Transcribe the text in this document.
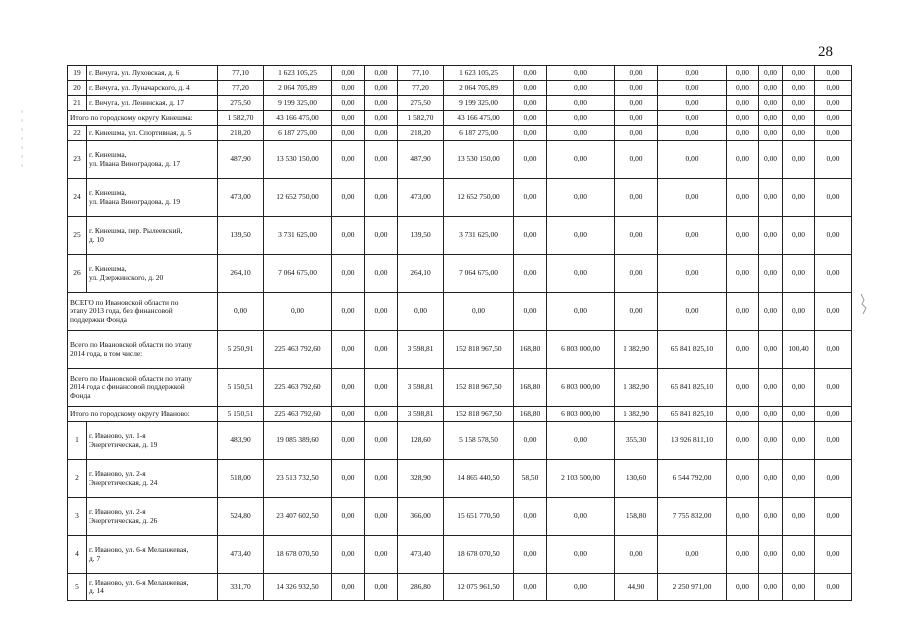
28
19	г. Вичуга, ул. Луховская, д. 6	77,10	1 623 105,25	0,00	0,00	77,10	1 623 105,25	0,00	0,00	0,00	0,00	0,00	0,00	0,00	0,00
20	г. Вичуга, ул. Луначарского, д. 4	77,20	2 064 705,89	0,00	0,00	77,20	2 064 705,89	0,00	0,00	0,00	0,00	0,00	0,00	0,00	0,00
21	г. Вичуга, ул. Ленинская, д. 17	275,50	9 199 325,00	0,00	0,00	275,50	9 199 325,00	0,00	0,00	0,00	0,00	0,00	0,00	0,00	0,00
Итого по городскому округу Кинешма:		1 582,70	43 166 475,00	0,00	0,00	1 582,70	43 166 475,00	0,00	0,00	0,00	0,00	0,00	0,00	0,00	0,00
22	г. Кинешма, ул. Спортивная, д. 5	218,20	6 187 275,00	0,00	0,00	218,20	6 187 275,00	0,00	0,00	0,00	0,00	0,00	0,00	0,00	0,00
23	г. Кинешма,
ул. Ивана Виноградова, д. 17	487,90	13 530 150,00	0,00	0,00	487,90	13 530 150,00	0,00	0,00	0,00	0,00	0,00	0,00	0,00	0,00
24	г. Кинешма,
ул. Ивана Виноградова, д. 19	473,00	12 652 750,00	0,00	0,00	473,00	12 652 750,00	0,00	0,00	0,00	0,00	0,00	0,00	0,00	0,00
25	г. Кинешма, пер. Рылеевский,
д. 10	139,50	3 731 625,00	0,00	0,00	139,50	3 731 625,00	0,00	0,00	0,00	0,00	0,00	0,00	0,00	0,00
26	г. Кинешма,
ул. Дзержинского, д. 20	264,10	7 064 675,00	0,00	0,00	264,10	7 064 675,00	0,00	0,00	0,00	0,00	0,00	0,00	0,00	0,00
ВСЕГО по Ивановской области по
этапу 2013 года, без финансовой
поддержки Фонда		0,00	0,00	0,00	0,00	0,00	0,00	0,00	0,00	0,00	0,00	0,00	0,00	0,00	0,00
Всего по Ивановской области по этапу
2014 года, в том числе:		5 250,91	225 463 792,60	0,00	0,00	3 598,81	152 818 967,50	168,80	6 803 000,00	1 382,90	65 841 825,10	0,00	0,00	100,40	0,00
Всего по Ивановской области по этапу
2014 года с финансовой поддержкой
Фонда		5 150,51	225 463 792,60	0,00	0,00	3 598,81	152 818 967,50	168,80	6 803 000,00	1 382,90	65 841 825,10	0,00	0,00	0,00	0,00
Итого по городскому округу Иваново:		5 150,51	225 463 792,60	0,00	0,00	3 598,81	152 818 967,50	168,80	6 803 000,00	1 382,90	65 841 825,10	0,00	0,00	0,00	0,00
1	г. Иваново, ул. 1-я
Энергетическая, д. 19	483,90	19 085 389,60	0,00	0,00	128,60	5 158 578,50	0,00	0,00	355,30	13 926 811,10	0,00	0,00	0,00	0,00
2	г. Иваново, ул. 2-я
Энергетическая, д. 24	518,00	23 513 732,50	0,00	0,00	328,90	14 865 440,50	58,50	2 103 500,00	130,60	6 544 792,00	0,00	0,00	0,00	0,00
3	г. Иваново, ул. 2-я
Энергетическая, д. 26	524,80	23 407 602,50	0,00	0,00	366,00	15 651 770,50	0,00	0,00	158,80	7 755 832,00	0,00	0,00	0,00	0,00
4	г. Иваново, ул. 6-я Меланжевая,
д. 7	473,40	18 678 070,50	0,00	0,00	473,40	18 678 070,50	0,00	0,00	0,00	0,00	0,00	0,00	0,00	0,00
5	г. Иваново, ул. 6-я Меланжевая,
д. 14	331,70	14 326 932,50	0,00	0,00	286,80	12 075 961,50	0,00	0,00	44,90	2 250 971,00	0,00	0,00	0,00	0,00
